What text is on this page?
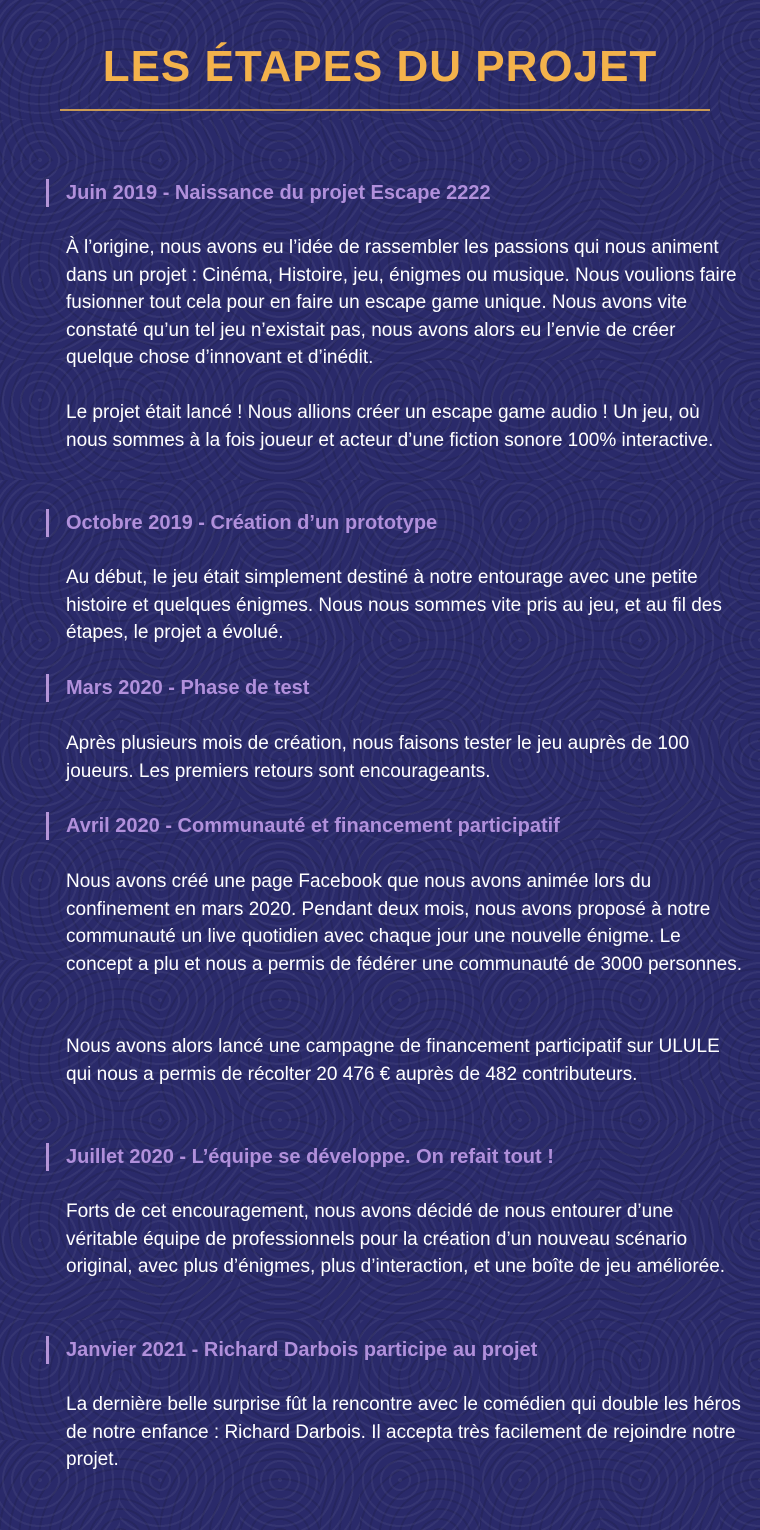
LES ÉTAPES DU PROJET
Juin 2019 - Naissance du projet Escape 2222
À l’origine, nous avons eu l’idée de rassembler les passions qui nous animent dans un projet : Cinéma, Histoire, jeu, énigmes ou musique. Nous voulions faire fusionner tout cela pour en faire un escape game unique. Nous avons vite constaté qu’un tel jeu n’existait pas, nous avons alors eu l’envie de créer quelque chose d’innovant et d’inédit.
Le projet était lancé ! Nous allions créer un escape game audio ! Un jeu, où nous sommes à la fois joueur et acteur d’une fiction sonore 100% interactive.
Octobre 2019 - Création d’un prototype
Au début, le jeu était simplement destiné à notre entourage avec une petite histoire et quelques énigmes. Nous nous sommes vite pris au jeu, et au fil des étapes, le projet a évolué.
Mars 2020 - Phase de test
Après plusieurs mois de création, nous faisons tester le jeu auprès de 100 joueurs. Les premiers retours sont encourageants.
Avril 2020 - Communauté et financement participatif
Nous avons créé une page Facebook que nous avons animée lors du confinement en mars 2020. Pendant deux mois, nous avons proposé à notre communauté un live quotidien avec chaque jour une nouvelle énigme. Le concept a plu et nous a permis de fédérer une communauté de 3000 personnes.
Nous avons alors lancé une campagne de financement participatif sur ULULE qui nous a permis de récolter 20 476 € auprès de 482 contributeurs.
Juillet 2020 - L’équipe se développe. On refait tout !
Forts de cet encouragement, nous avons décidé de nous entourer d’une véritable équipe de professionnels pour la création d’un nouveau scénario original, avec plus d’énigmes, plus d’interaction, et une boîte de jeu améliorée.
Janvier 2021 - Richard Darbois participe au projet
La dernière belle surprise fût la rencontre avec le comédien qui double les héros de notre enfance : Richard Darbois. Il accepta très facilement de rejoindre notre projet.
